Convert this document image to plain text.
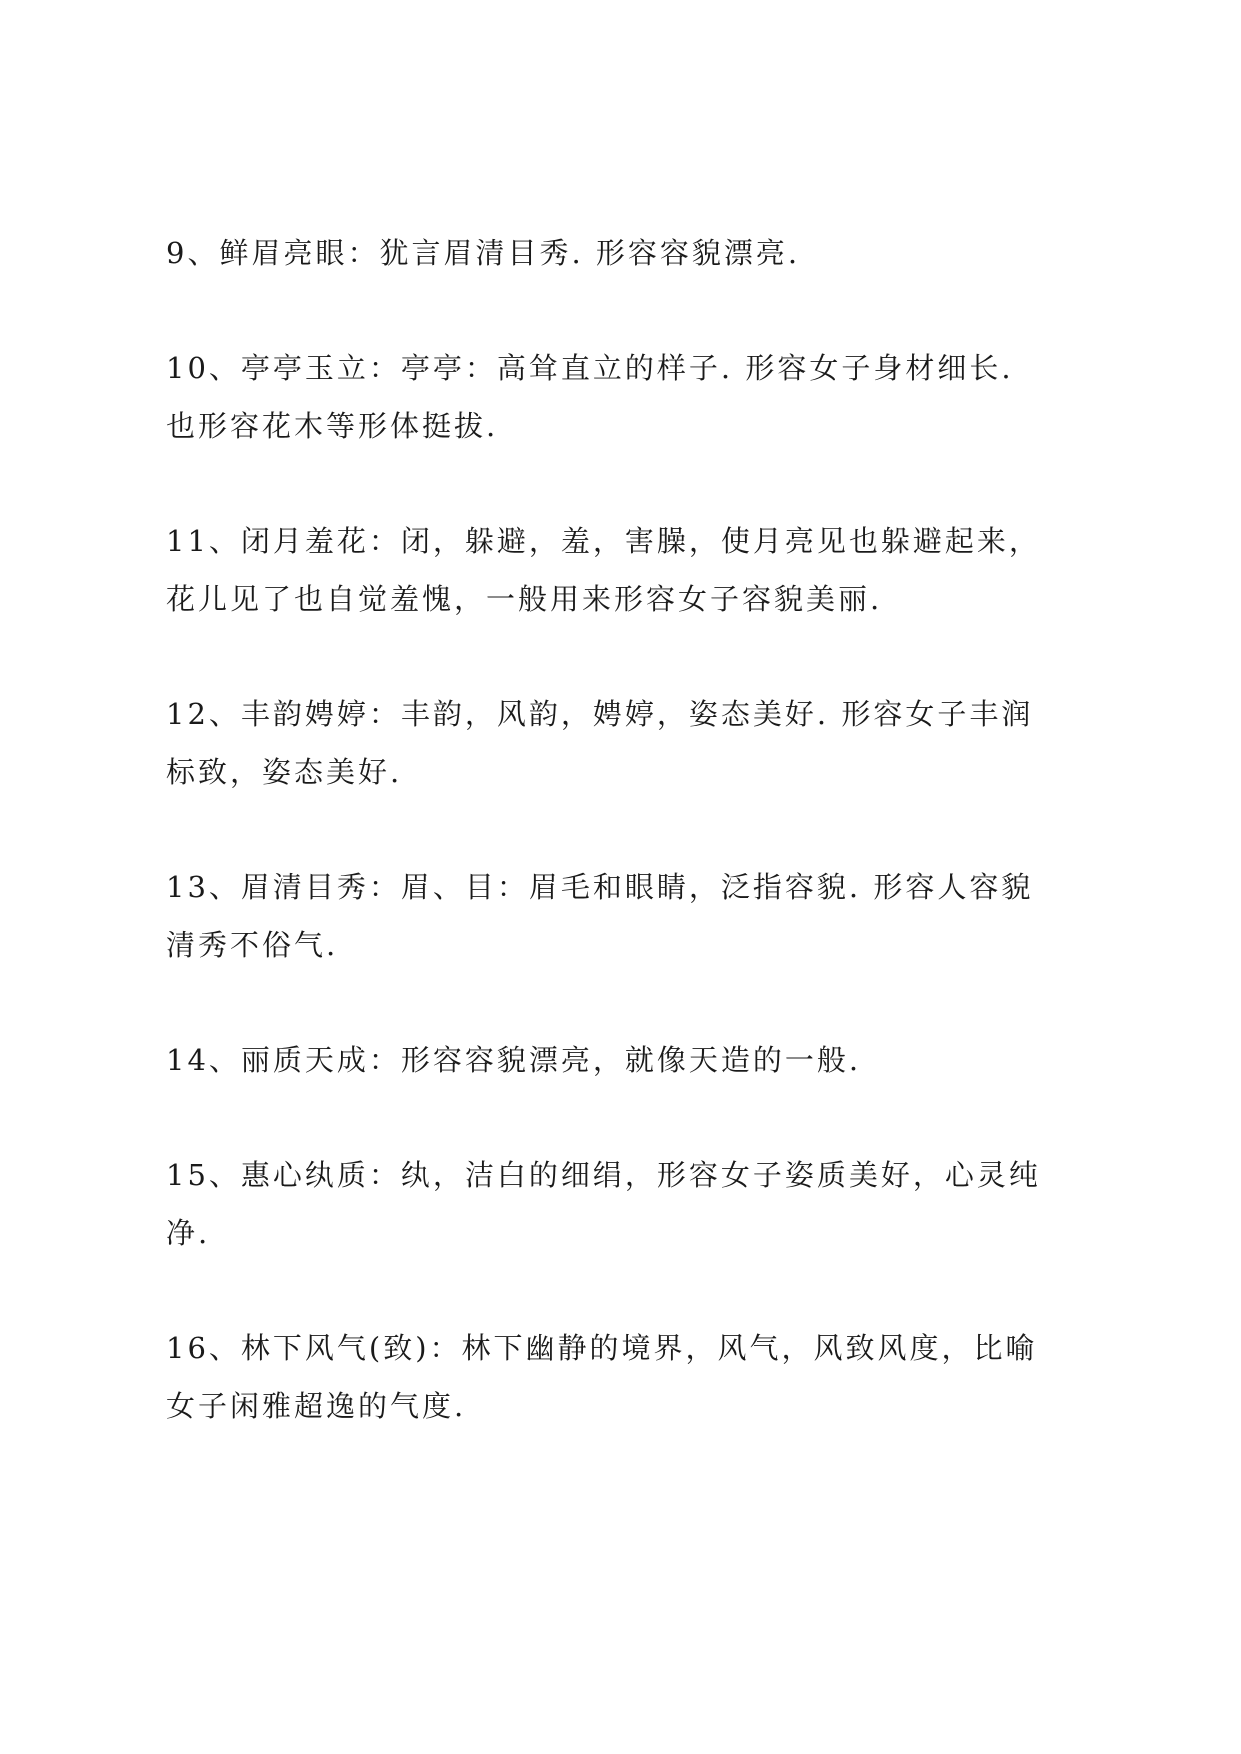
9、鲜眉亮眼：犹言眉清目秀. 形容容貌漂亮.

10、亭亭玉立：亭亭：高耸直立的样子. 形容女子身材细长.
也形容花木等形体挺拔.

11、闭月羞花：闭，躲避，羞，害臊，使月亮见也躲避起来，
花儿见了也自觉羞愧，一般用来形容女子容貌美丽.

12、丰韵娉婷：丰韵，风韵，娉婷，姿态美好. 形容女子丰润
标致，姿态美好.

13、眉清目秀：眉、目：眉毛和眼睛，泛指容貌. 形容人容貌
清秀不俗气.

14、丽质天成：形容容貌漂亮，就像天造的一般.

15、惠心纨质：纨，洁白的细绢，形容女子姿质美好，心灵纯
净.

16、林下风气(致)：林下幽静的境界，风气，风致风度，比喻
女子闲雅超逸的气度.
